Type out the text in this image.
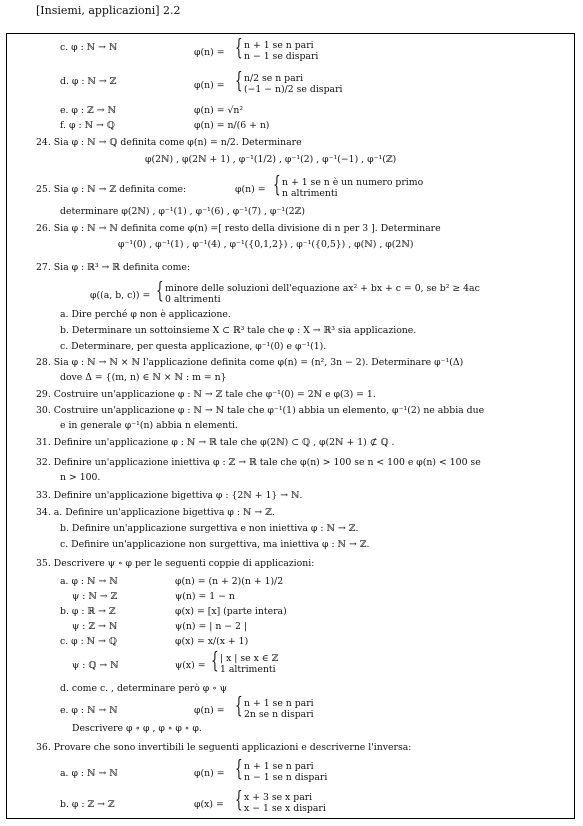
[Insiemi, applicazioni] 2.2
c. φ : ℕ → ℕ	φ(n) =
d. φ : ℕ → ℤ	φ(n) =
e. φ : ℤ → ℕ	φ(n) = √n²
f. φ : ℕ → ℚ	φ(n) = n/(6 + n)
24. Sia φ : ℕ → ℚ definita come φ(n) = n/2. Determinare
φ(2ℕ) , φ(2ℕ + 1) , φ⁻¹(1/2) , φ⁻¹(2) , φ⁻¹(−1) , φ⁻¹(ℤ)
25. Sia φ : ℕ → ℤ definita come:	φ(n) =
determinare φ(2ℕ) , φ⁻¹(1) , φ⁻¹(6) , φ⁻¹(7) , φ⁻¹(2ℤ)
26. Sia φ : ℕ → ℕ definita come φ(n) =[ resto della divisione di n per 3 ]. Determinare
φ⁻¹(0) , φ⁻¹(1) , φ⁻¹(4) , φ⁻¹({0,1,2}) , φ⁻¹({0,5}) , φ(ℕ) , φ(2ℕ)
27. Sia φ : ℝ³ → ℝ definita come:
φ((a, b, c)) =
a. Dire perché φ non è applicazione.
b. Determinare un sottoinsieme X ⊂ ℝ³ tale che φ : X → ℝ³ sia applicazione.
c. Determinare, per questa applicazione, φ⁻¹(0) e φ⁻¹(1).
28. Sia φ : ℕ → ℕ × ℕ l'applicazione definita come φ(n) = (n², 3n − 2). Determinare φ⁻¹(Δ)
dove Δ = {(m, n) ∈ ℕ × ℕ : m = n}
29. Costruire un'applicazione φ : ℕ → ℤ tale che φ⁻¹(0) = 2ℕ e φ(3) = 1.
30. Costruire un'applicazione φ : ℕ → ℕ tale che φ⁻¹(1) abbia un elemento, φ⁻¹(2) ne abbia due
e in generale φ⁻¹(n) abbia n elementi.
31. Definire un'applicazione φ : ℕ → ℝ tale che φ(2ℕ) ⊂ ℚ , φ(2ℕ + 1) ⊄ ℚ .
32. Definire un'applicazione iniettiva φ : ℤ → ℝ tale che φ(n) > 100 se n < 100 e φ(n) < 100 se
n > 100.
33. Definire un'applicazione bigettiva φ : {2ℕ + 1} → ℕ.
34. a. Definire un'applicazione bigettiva φ : ℕ → ℤ.
b. Definire un'applicazione surgettiva e non iniettiva φ : ℕ → ℤ.
c. Definire un'applicazione non surgettiva, ma iniettiva φ : ℕ → ℤ.
35. Descrivere ψ ∘ φ per le seguenti coppie di applicazioni:
a. φ : ℕ → ℕ	φ(n) = (n + 2)(n + 1)/2
ψ : ℕ → ℤ	ψ(n) = 1 − n
b. φ : ℝ → ℤ	φ(x) = [x] (parte intera)
ψ : ℤ → ℕ	ψ(n) = | n − 2 |
c. φ : ℕ → ℚ	φ(x) = x/(x + 1)
ψ : ℚ → ℕ	ψ(x) =
d. come c. , determinare però φ ∘ ψ
e. φ : ℕ → ℕ	φ(n) =
Descrivere φ ∘ φ , φ ∘ φ ∘ φ.
36. Provare che sono invertibili le seguenti applicazioni e descriverne l'inversa:
a. φ : ℕ → ℕ	φ(n) =
b. φ : ℤ → ℤ	φ(x) =
{ n + 1 se n pari
n − 1 se dispari
{ n/2 se n pari
(−1 − n)/2 se dispari
{ n + 1 se n è un numero primo
n altrimenti
{ minore delle soluzioni dell'equazione ax² + bx + c = 0, se b² ≥ 4ac
0 altrimenti
{ | x | se x ∈ ℤ
1 altrimenti
{ n + 1 se n pari
2n se n dispari
{ n + 1 se n pari
n − 1 se n dispari
{ x + 3 se x pari
x − 1 se x dispari
